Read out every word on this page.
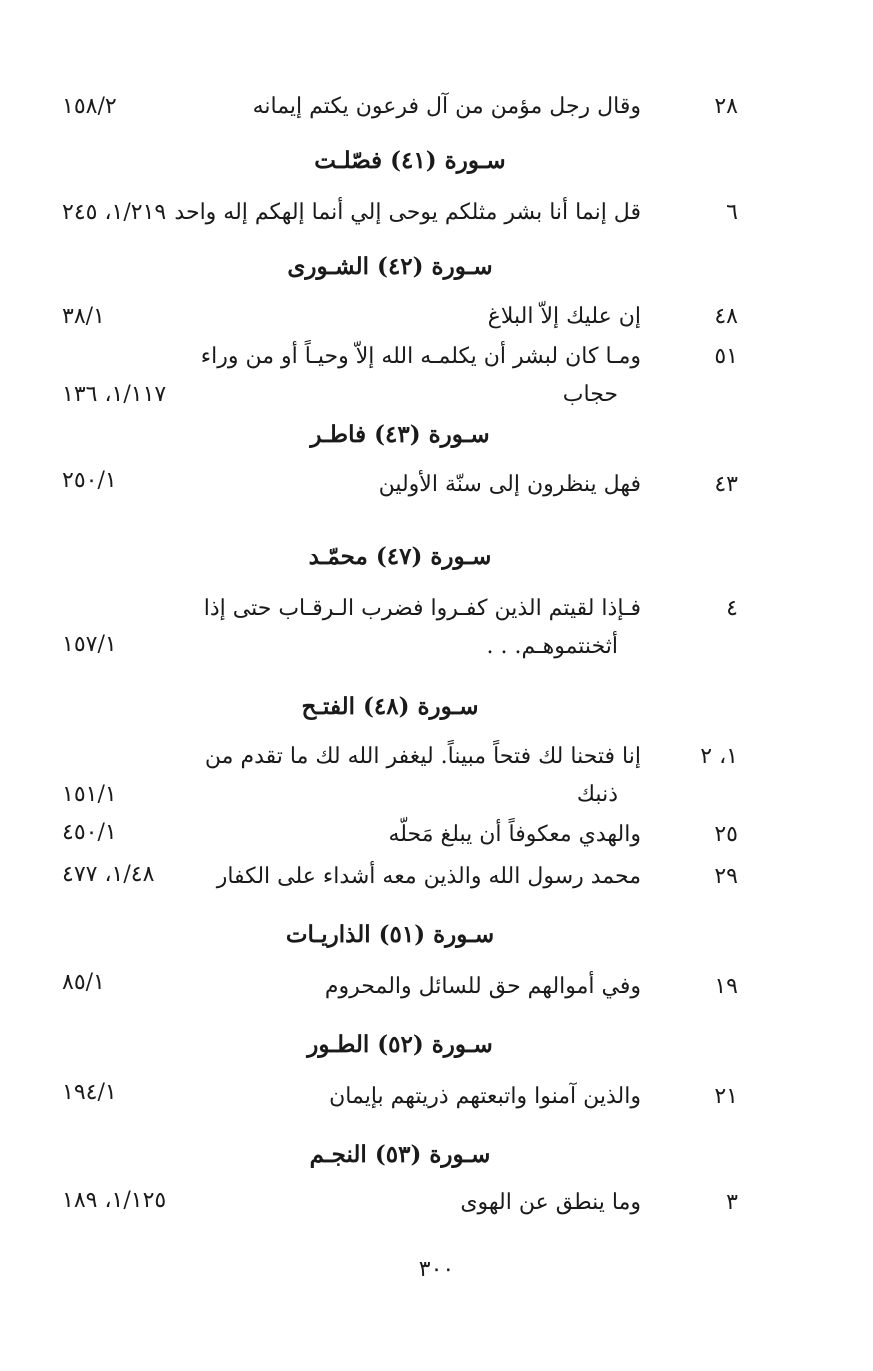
٢٨
وقال رجل مؤمن من آل فرعون يكتم إيمانه
١٥٨/٢
سـورة (٤١) فصّلـت
٦
قل إنما أنا بشر مثلكم يوحى إلي أنما إلهكم إله واحد
١/٢١٩، ٢٤٥
سـورة (٤٢) الشـورى
٤٨
إن عليك إلاّ البلاغ
٣٨/١
٥١
ومـا كان لبشر أن يكلمـه الله إلاّ وحيـاً أو من وراء
حجاب
١/١١٧، ١٣٦
سـورة (٤٣) فاطـر
٤٣
فهل ينظرون إلى سنّة الأولين
٢٥٠/١
سـورة (٤٧) محمّـد
٤
فـإذا لقيتم الذين كفـروا فضرب الـرقـاب حتى إذا
أثخنتموهـم. . .
١٥٧/١
سـورة (٤٨) الفتـح
١، ٢
إنا فتحنا لك فتحاً مبيناً. ليغفر الله لك ما تقدم من
ذنبك
١٥١/١
٢٥
والهدي معكوفاً أن يبلغ مَحلّه
٤٥٠/١
٢٩
محمد رسول الله والذين معه أشداء على الكفار
١/٤٨، ٤٧٧
سـورة (٥١) الذاريـات
١٩
وفي أموالهم حق للسائل والمحروم
٨٥/١
سـورة (٥٢) الطـور
٢١
والذين آمنوا واتبعتهم ذريتهم بإيمان
١٩٤/١
سـورة (٥٣) النجـم
٣
وما ينطق عن الهوى
١/١٢٥، ١٨٩
٣٠٠
